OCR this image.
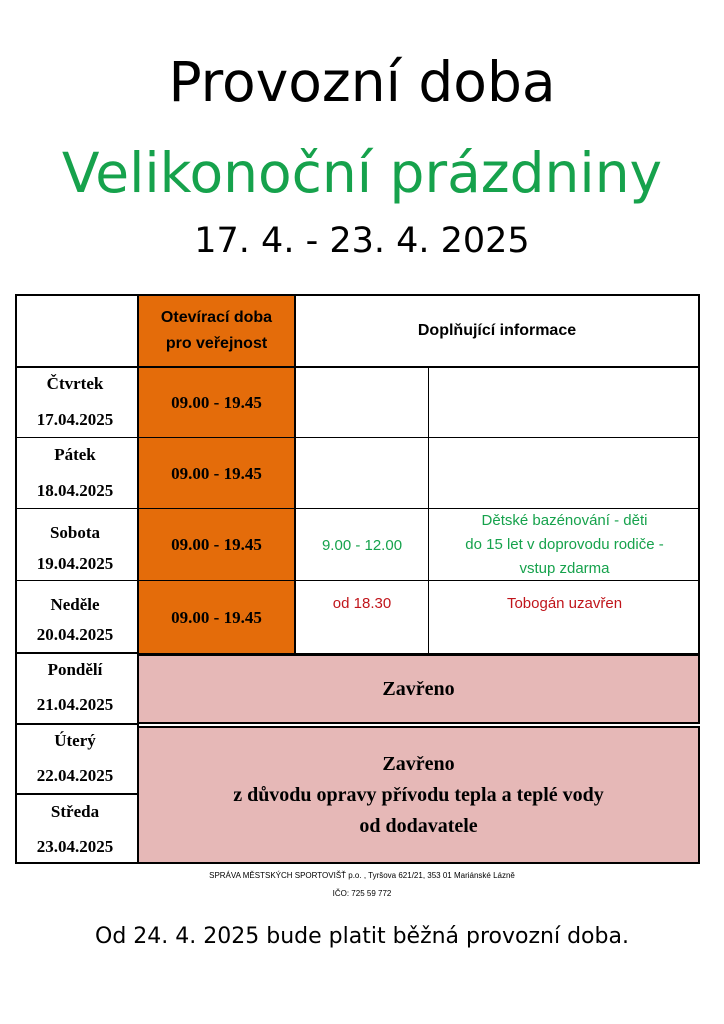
Provozní doba
Velikonoční prázdniny
17. 4. - 23. 4. 2025
Otevírací doba
pro veřejnost
Doplňující informace
Čtvrtek
17.04.2025
Pátek
18.04.2025
Sobota
19.04.2025
Neděle
20.04.2025
Pondělí
21.04.2025
Úterý
22.04.2025
Středa
23.04.2025
09.00 - 19.45
09.00 - 19.45
09.00 - 19.45
09.00 - 19.45
9.00 - 12.00
Dětské bazénování - děti
do 15 let v doprovodu rodiče -
vstup zdarma
od 18.30	Tobogán uzavřen
Zavřeno
Zavřeno
z důvodu opravy přívodu tepla a teplé vody
od dodavatele
SPRÁVA MĚSTSKÝCH SPORTOVIŠŤ p.o. , Tyršova 621/21, 353 01 Mariánské Lázně
IČO: 725 59 772
Od 24. 4. 2025 bude platit běžná provozní doba.
